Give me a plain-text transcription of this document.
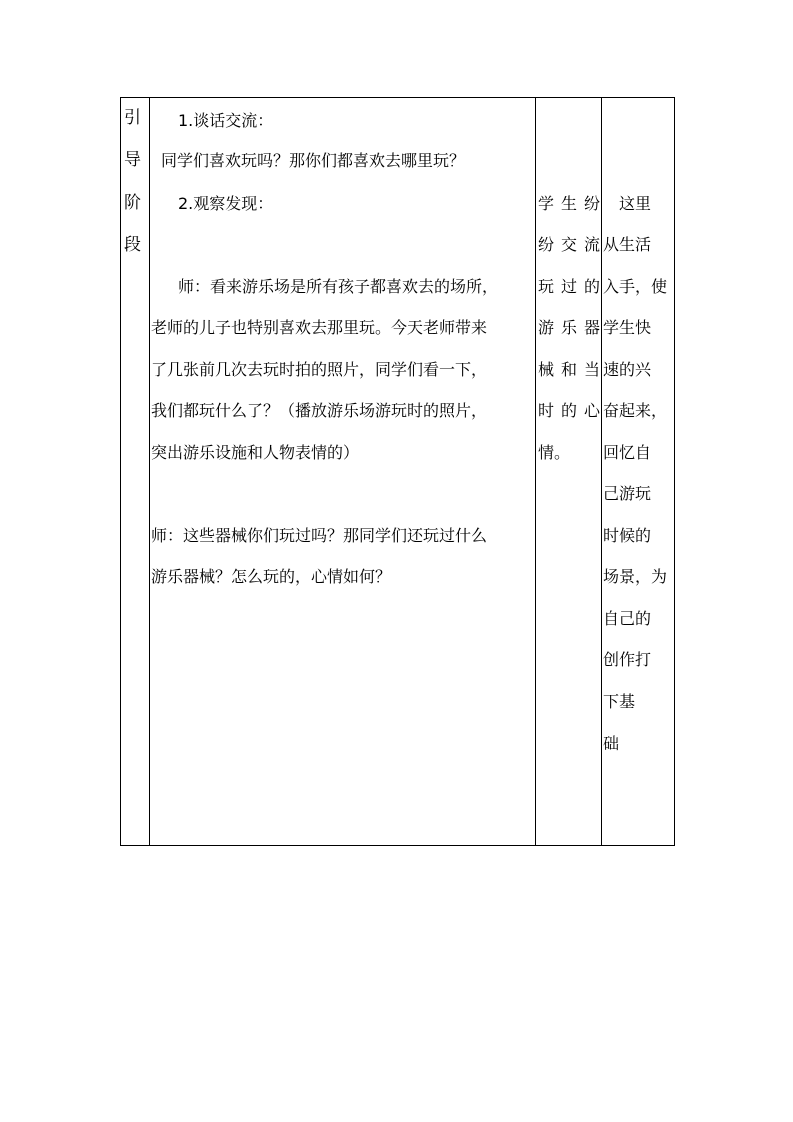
引
导
阶
段
1.谈话交流：
同学们喜欢玩吗？那你们都喜欢去哪里玩？
2.观察发现：
师：看来游乐场是所有孩子都喜欢去的场所，
老师的儿子也特别喜欢去那里玩。今天老师带来
了几张前几次去玩时拍的照片，同学们看一下，
我们都玩什么了？（播放游乐场游玩时的照片，
突出游乐设施和人物表情的）
师：这些器械你们玩过吗？那同学们还玩过什么
游乐器械？怎么玩的，心情如何？
学生纷
纷交流
玩过的
游乐器
械和当
时的心
情。
　这里
从生活
入手，使
学生快
速的兴
奋起来，
回忆自
己游玩
时候的
场景，为
自己的
创作打
下基
础
